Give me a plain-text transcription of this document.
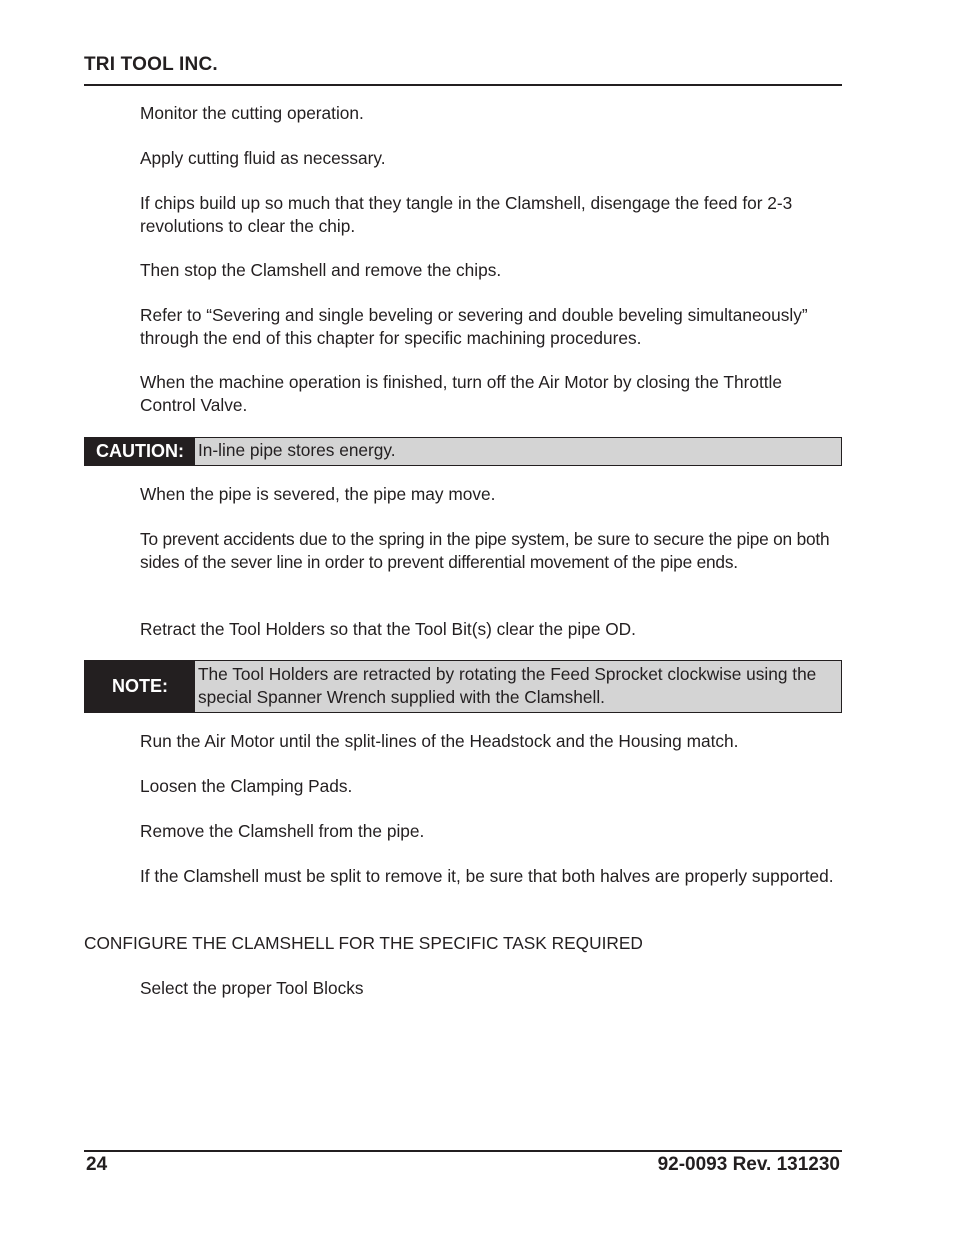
TRI TOOL INC.

Monitor the cutting operation.

Apply cutting fluid as necessary.

If chips build up so much that they tangle in the Clamshell, disengage the feed for 2-3 revolutions to clear the chip.

Then stop the Clamshell and remove the chips.

Refer to “Severing and single beveling or severing and double beveling simultaneously” through the end of this chapter for specific machining procedures.

When the machine operation is finished, turn off the Air Motor by closing the Throttle Control Valve.

CAUTION: In-line pipe stores energy.

When the pipe is severed, the pipe may move.

To prevent accidents due to the spring in the pipe system, be sure to secure the pipe on both sides of the sever line in order to prevent differential movement of the pipe ends.

Retract the Tool Holders so that the Tool Bit(s) clear the pipe OD.

NOTE:
The Tool Holders are retracted by rotating the Feed Sprocket clockwise using the special Spanner Wrench supplied with the Clamshell.

Run the Air Motor until the split-lines of the Headstock and the Housing match.

Loosen the Clamping Pads.

Remove the Clamshell from the pipe.

If the Clamshell must be split to remove it, be sure that both halves are properly supported.

CONFIGURE THE CLAMSHELL FOR THE SPECIFIC TASK REQUIRED

Select the proper Tool Blocks

24	92-0093 Rev. 131230
